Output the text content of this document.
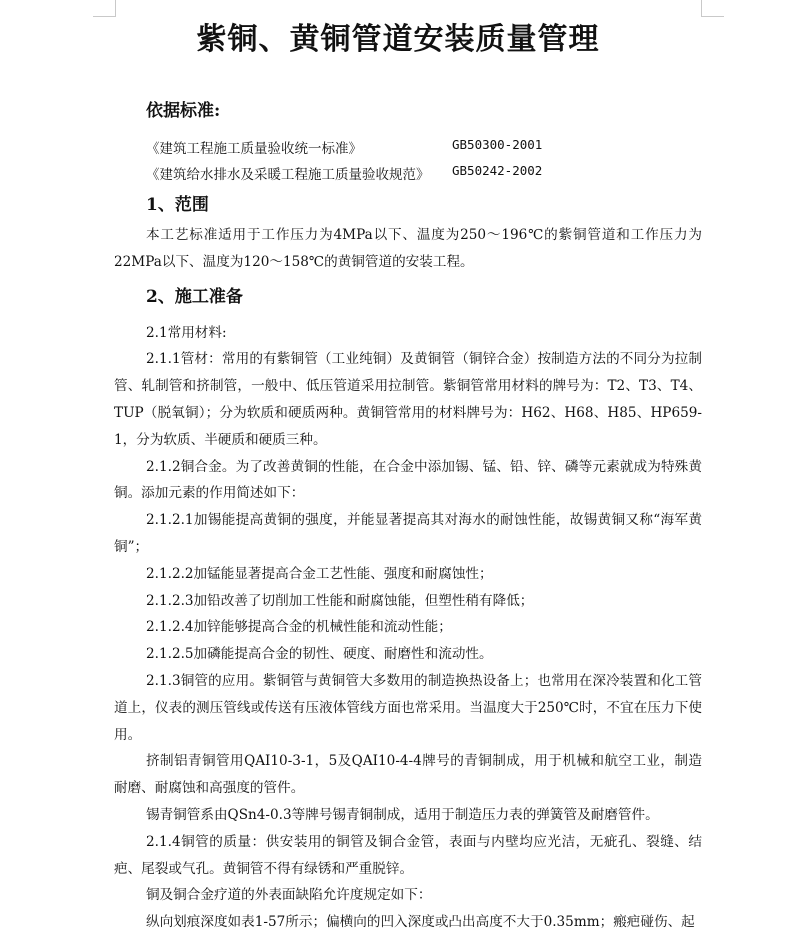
紫铜、黄铜管道安装质量管理
依据标准:
《建筑工程施工质量验收统一标准》	GB50300-2001
《建筑给水排水及采暖工程施工质量验收规范》 GB50242-2002
1、范围

本工艺标准适用于工作压力为4MPa以下、温度为250～196℃的紫铜管道和工作压力为22MPa以下、温度为120～158℃的黄铜管道的安装工程。

2.1常用材料:

2.1.1管材：常用的有紫铜管（工业纯铜）及黄铜管（铜锌合金）按制造方法的不同分为拉制管、轧制管和挤制管，一般中、低压管道采用拉制管。紫铜管常用材料的牌号为：T2、T3、T4、TUP（脱氧铜）；分为软质和硬质两种。黄铜管常用的材料牌号为：H62、H68、H85、HP659-1，分为软质、半硬质和硬质三种。

2.1.2铜合金。为了改善黄铜的性能，在合金中添加锡、锰、铅、锌、磷等元素就成为特殊黄铜。添加元素的作用简述如下：

2.1.2.1加锡能提高黄铜的强度，并能显著提高其对海水的耐蚀性能，故锡黄铜又称“海军黄铜”；

2.1.2.2加锰能显著提高合金工艺性能、强度和耐腐蚀性；

2.1.2.3加铅改善了切削加工性能和耐腐蚀能，但塑性稍有降低；

2.1.2.4加锌能够提高合金的机械性能和流动性能；

2.1.2.5加磷能提高合金的韧性、硬度、耐磨性和流动性。

2.1.3铜管的应用。紫铜管与黄铜管大多数用的制造换热设备上；也常用在深冷装置和化工管道上，仪表的测压管线或传送有压液体管线方面也常采用。当温度大于250℃时，不宜在压力下使用。

挤制铝青铜管用QAI10-3-1，5及QAI10-4-4牌号的青铜制成，用于机械和航空工业，制造耐磨、耐腐蚀和高强度的管件。

锡青铜管系由QSn4-0.3等牌号锡青铜制成，适用于制造压力表的弹簧管及耐磨管件。

2.1.4铜管的质量：供安装用的铜管及铜合金管，表面与内壁均应光洁，无疵孔、裂缝、结疤、尾裂或气孔。黄铜管不得有绿锈和严重脱锌。

铜及铜合金疗道的外表面缺陷允许度规定如下：

纵向划痕深度如表1-57所示；偏横向的凹入深度或凸出高度不大于0.35mm；瘢疤碰伤、起

2、施工准备
